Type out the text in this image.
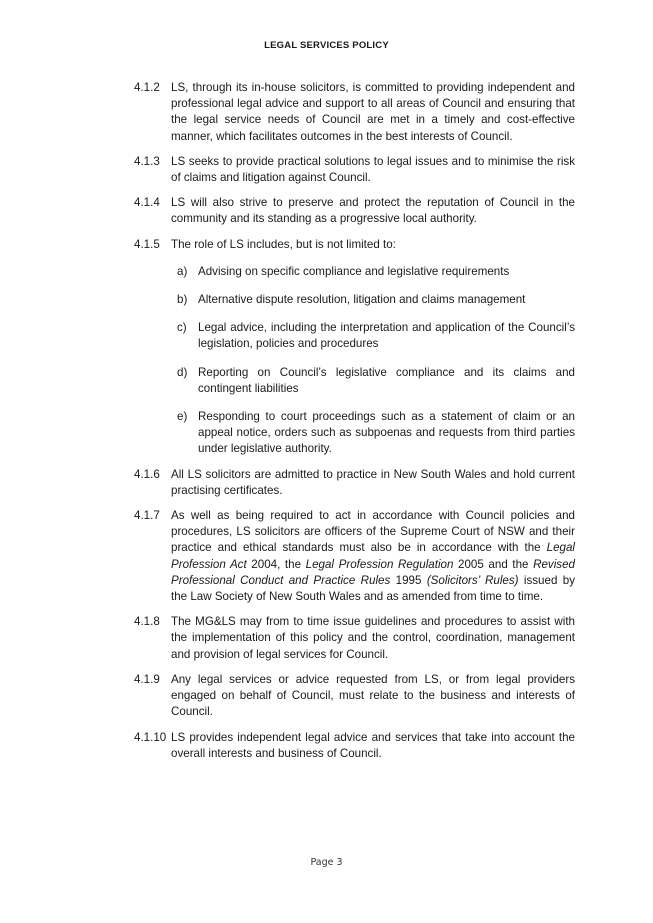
LEGAL SERVICES POLICY
4.1.2 LS, through its in-house solicitors, is committed to providing independent and professional legal advice and support to all areas of Council and ensuring that the legal service needs of Council are met in a timely and cost-effective manner, which facilitates outcomes in the best interests of Council.
4.1.3 LS seeks to provide practical solutions to legal issues and to minimise the risk of claims and litigation against Council.
4.1.4 LS will also strive to preserve and protect the reputation of Council in the community and its standing as a progressive local authority.
4.1.5 The role of LS includes, but is not limited to:
a) Advising on specific compliance and legislative requirements
b) Alternative dispute resolution, litigation and claims management
c) Legal advice, including the interpretation and application of the Council’s legislation, policies and procedures
d) Reporting on Council’s legislative compliance and its claims and contingent liabilities
e) Responding to court proceedings such as a statement of claim or an appeal notice, orders such as subpoenas and requests from third parties under legislative authority.
4.1.6 All LS solicitors are admitted to practice in New South Wales and hold current practising certificates.
4.1.7 As well as being required to act in accordance with Council policies and procedures, LS solicitors are officers of the Supreme Court of NSW and their practice and ethical standards must also be in accordance with the Legal Profession Act 2004, the Legal Profession Regulation 2005 and the Revised Professional Conduct and Practice Rules 1995 (Solicitors’ Rules) issued by the Law Society of New South Wales and as amended from time to time.
4.1.8 The MG&LS may from to time issue guidelines and procedures to assist with the implementation of this policy and the control, coordination, management and provision of legal services for Council.
4.1.9 Any legal services or advice requested from LS, or from legal providers engaged on behalf of Council, must relate to the business and interests of Council.
4.1.10 LS provides independent legal advice and services that take into account the overall interests and business of Council.
Page 3
